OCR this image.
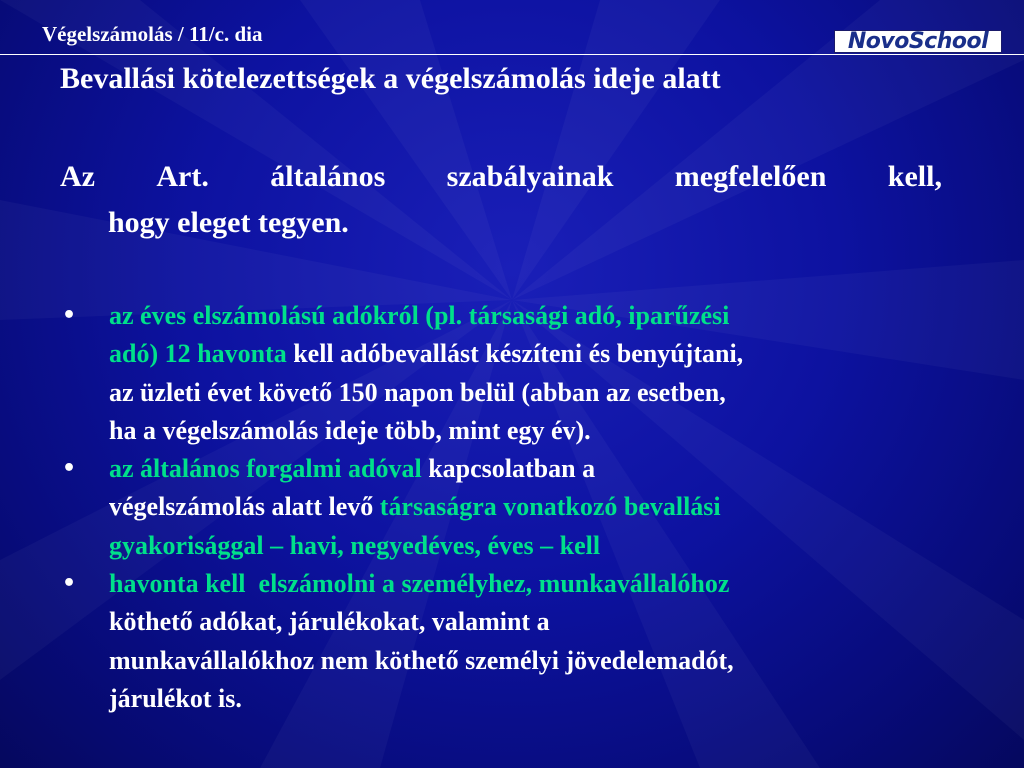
Végelszámolás / 11/c. dia	NovoSchool
Bevallási kötelezettségek a végelszámolás ideje alatt
Az Art. általános szabályainak megfelelően kell,
hogy eleget tegyen.
• az éves elszámolású adókról (pl. társasági adó, iparűzési
adó) 12 havonta kell adóbevallást készíteni és benyújtani,
az üzleti évet követő 150 napon belül (abban az esetben,
ha a végelszámolás ideje több, mint egy év).
• az általános forgalmi adóval kapcsolatban a
végelszámolás alatt levő társaságra vonatkozó bevallási
gyakorisággal – havi, negyedéves, éves – kell
• havonta kell  elszámolni a személyhez, munkavállalóhoz
köthető adókat, járulékokat, valamint a
munkavállalókhoz nem köthető személyi jövedelemadót,
járulékot is.
